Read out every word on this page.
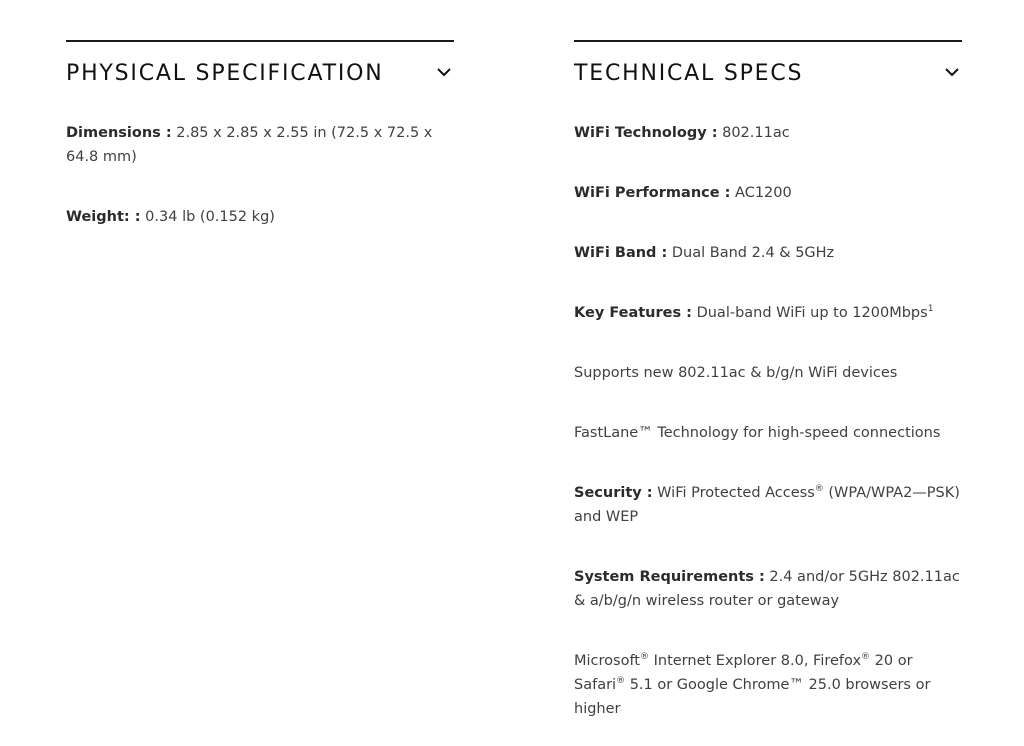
PHYSICAL SPECIFICATION

Dimensions : 2.85 x 2.85 x 2.55 in (72.5 x 72.5 x 64.8 mm)

Weight: : 0.34 lb (0.152 kg)

TECHNICAL SPECS

WiFi Technology : 802.11ac

WiFi Performance : AC1200

WiFi Band : Dual Band 2.4 & 5GHz

Key Features : Dual-band WiFi up to 1200Mbps$^1$

Supports new 802.11ac & b/g/n WiFi devices

FastLane™ Technology for high-speed connections

Security : WiFi Protected Access® (WPA/WPA2—PSK) and WEP

System Requirements : 2.4 and/or 5GHz 802.11ac & a/b/g/n wireless router or gateway

Microsoft® Internet Explorer 8.0, Firefox® 20 or Safari® 5.1 or Google Chrome™ 25.0 browsers or higher
